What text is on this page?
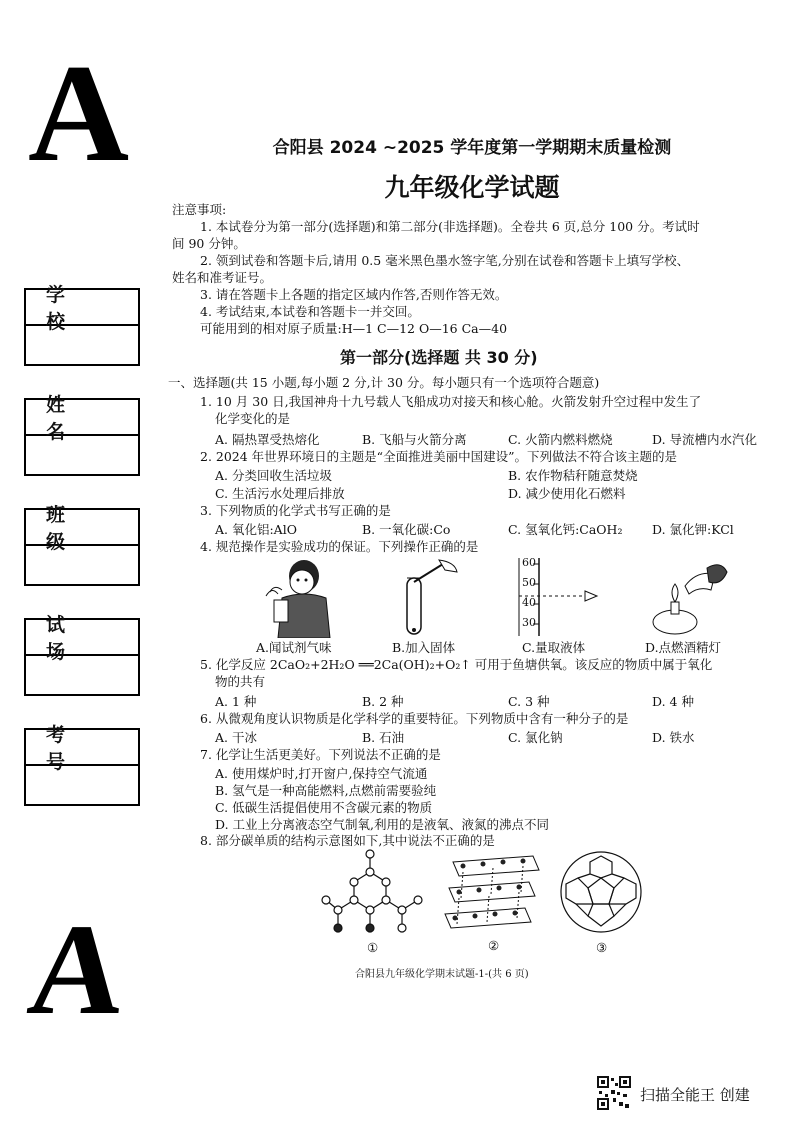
A
A
学 校
姓 名
班 级
试 场
考 号
合阳县 2024 ~2025 学年度第一学期期末质量检测
九年级化学试题
注意事项:
1. 本试卷分为第一部分(选择题)和第二部分(非选择题)。全卷共 6 页,总分 100 分。考试时
间 90 分钟。
2. 领到试卷和答题卡后,请用 0.5 毫米黑色墨水签字笔,分别在试卷和答题卡上填写学校、
姓名和准考证号。
3. 请在答题卡上各题的指定区域内作答,否则作答无效。
4. 考试结束,本试卷和答题卡一并交回。
可能用到的相对原子质量:H—1 C—12 O—16 Ca—40
第一部分(选择题 共 30 分)
一、选择题(共 15 小题,每小题 2 分,计 30 分。每小题只有一个选项符合题意)
1. 10 月 30 日,我国神舟十九号载人飞船成功对接天和核心舱。火箭发射升空过程中发生了
化学变化的是
A. 隔热罩受热熔化	B. 飞船与火箭分离	C. 火箭内燃料燃烧	D. 导流槽内水汽化
2. 2024 年世界环境日的主题是“全面推进美丽中国建设”。下列做法不符合该主题的是
A. 分类回收生活垃圾	B. 农作物秸秆随意焚烧
C. 生活污水处理后排放	D. 减少使用化石燃料
3. 下列物质的化学式书写正确的是
A. 氧化铝:AlO	B. 一氧化碳:Co	C. 氢氧化钙:CaOH₂ D. 氯化钾:KCl
4. 规范操作是实验成功的保证。下列操作正确的是
60
50
40
30
A.闻试剂气味	B.加入固体	C.量取液体	D.点燃酒精灯
5. 化学反应 2CaO₂+2H₂O ══2Ca(OH)₂+O₂↑ 可用于鱼塘供氧。该反应的物质中属于氧化
物的共有
A. 1 种	B. 2 种	C. 3 种	D. 4 种
6. 从微观角度认识物质是化学科学的重要特征。下列物质中含有一种分子的是
A. 干冰	B. 石油	C. 氯化钠	D. 铁水
7. 化学让生活更美好。下列说法不正确的是
A. 使用煤炉时,打开窗户,保持空气流通
B. 氢气是一种高能燃料,点燃前需要验纯
C. 低碳生活提倡使用不含碳元素的物质
D. 工业上分离液态空气制氧,利用的是液氧、液氮的沸点不同
8. 部分碳单质的结构示意图如下,其中说法不正确的是
①	②	③
合阳县九年级化学期末试题-1-(共 6 页)
扫描全能王 创建
